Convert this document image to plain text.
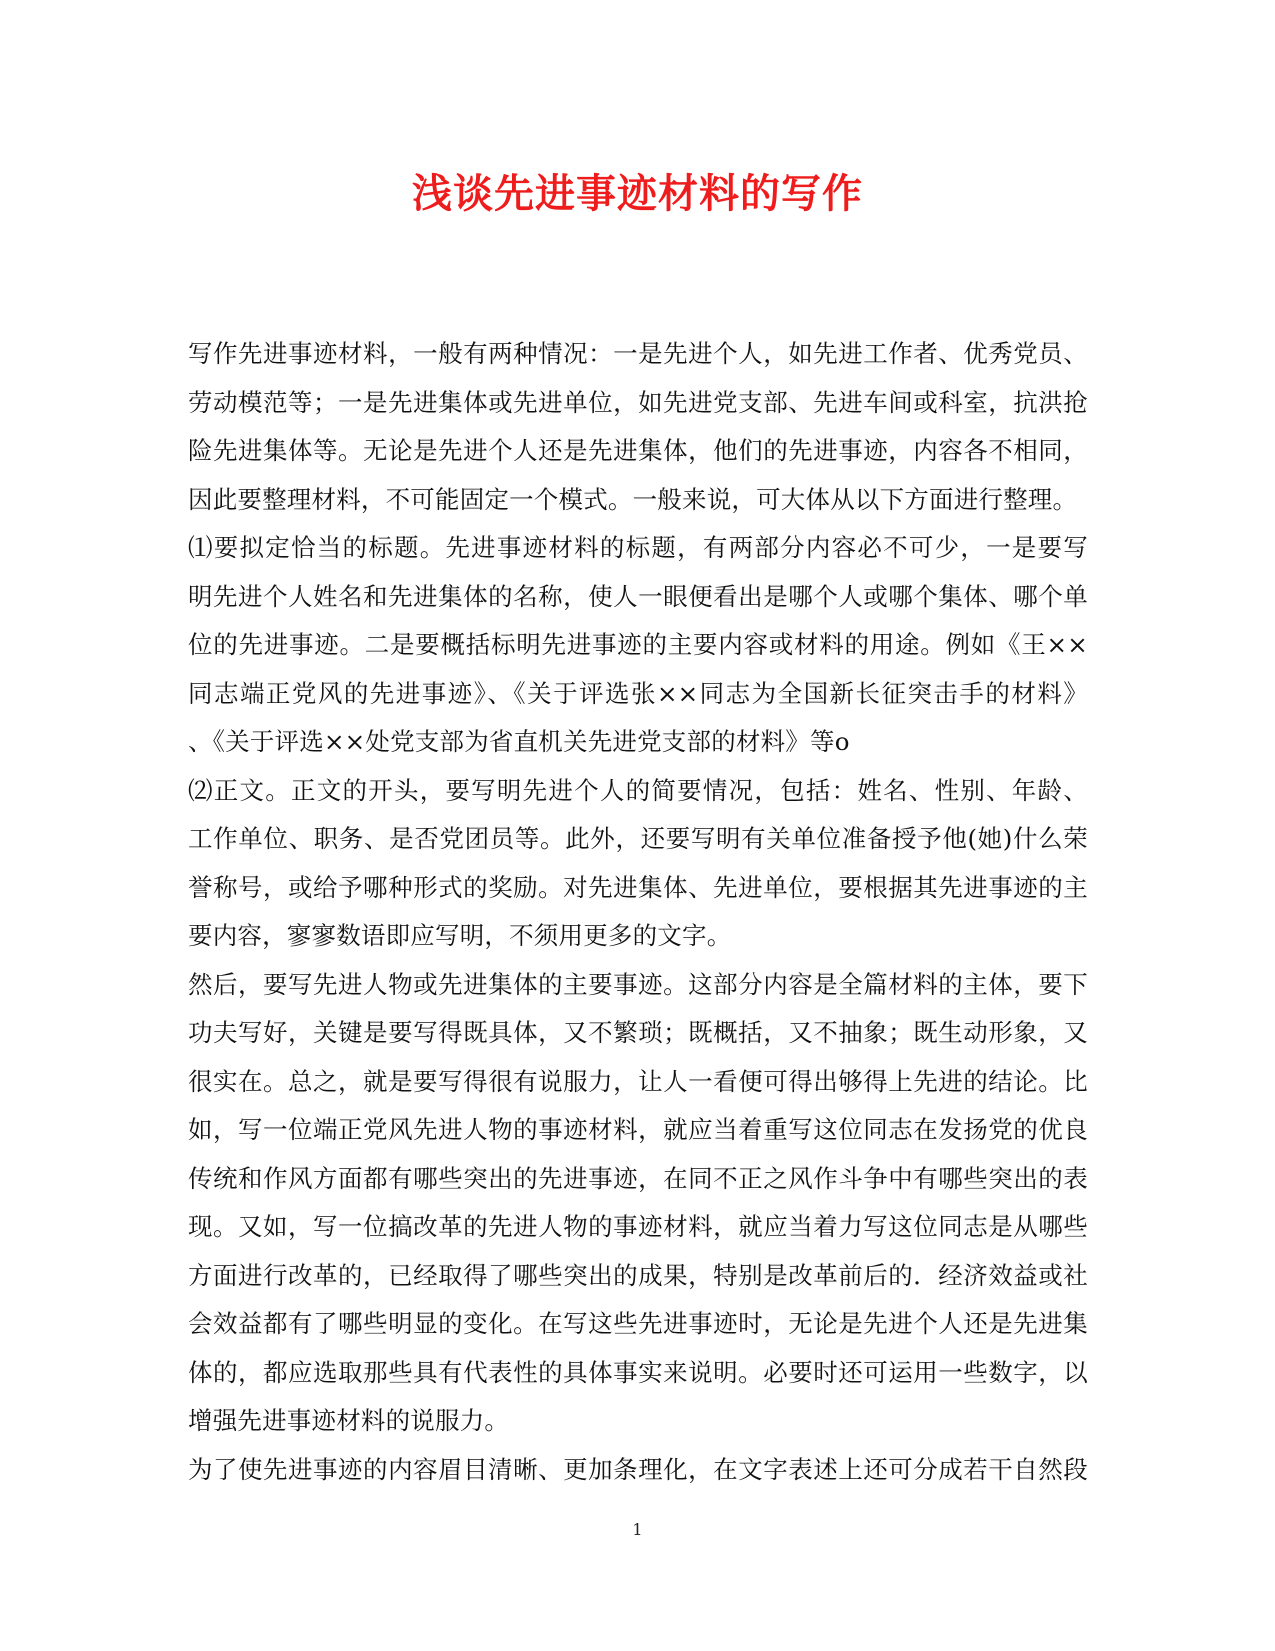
浅谈先进事迹材料的写作
写作先进事迹材料，一般有两种情况：一是先进个人，如先进工作者、优秀党员、
劳动模范等；一是先进集体或先进单位，如先进党支部、先进车间或科室，抗洪抢
险先进集体等。无论是先进个人还是先进集体，他们的先进事迹，内容各不相同，
因此要整理材料，不可能固定一个模式。一般来说，可大体从以下方面进行整理。
⑴要拟定恰当的标题。先进事迹材料的标题，有两部分内容必不可少，一是要写
明先进个人姓名和先进集体的名称，使人一眼便看出是哪个人或哪个集体、哪个单
位的先进事迹。二是要概括标明先进事迹的主要内容或材料的用途。例如《王××
同志端正党风的先进事迹》、《关于评选张××同志为全国新长征突击手的材料》
、《关于评选××处党支部为省直机关先进党支部的材料》等o
⑵正文。正文的开头，要写明先进个人的简要情况，包括：姓名、性别、年龄、
工作单位、职务、是否党团员等。此外，还要写明有关单位准备授予他(她)什么荣
誉称号，或给予哪种形式的奖励。对先进集体、先进单位，要根据其先进事迹的主
要内容，寥寥数语即应写明，不须用更多的文字。
然后，要写先进人物或先进集体的主要事迹。这部分内容是全篇材料的主体，要下
功夫写好，关键是要写得既具体，又不繁琐；既概括，又不抽象；既生动形象，又
很实在。总之，就是要写得很有说服力，让人一看便可得出够得上先进的结论。比
如，写一位端正党风先进人物的事迹材料，就应当着重写这位同志在发扬党的优良
传统和作风方面都有哪些突出的先进事迹，在同不正之风作斗争中有哪些突出的表
现。又如，写一位搞改革的先进人物的事迹材料，就应当着力写这位同志是从哪些
方面进行改革的，已经取得了哪些突出的成果，特别是改革前后的．经济效益或社
会效益都有了哪些明显的变化。在写这些先进事迹时，无论是先进个人还是先进集
体的，都应选取那些具有代表性的具体事实来说明。必要时还可运用一些数字，以
增强先进事迹材料的说服力。
为了使先进事迹的内容眉目清晰、更加条理化，在文字表述上还可分成若干自然段
1
